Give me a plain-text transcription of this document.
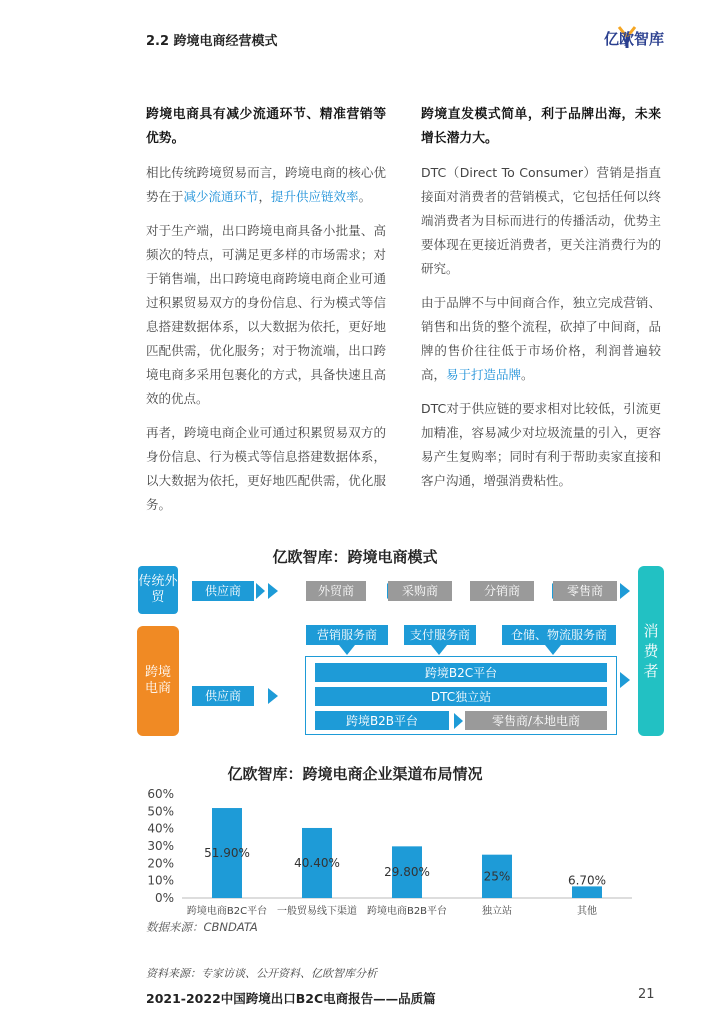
2.2 跨境电商经营模式	亿欧智库

跨境电商具有减少流通环节、精准营销等优势。

相比传统跨境贸易而言，跨境电商的核心优势在于减少流通环节，提升供应链效率。

对于生产端，出口跨境电商具备小批量、高频次的特点，可满足更多样的市场需求；对于销售端，出口跨境电商跨境电商企业可通过积累贸易双方的身份信息、行为模式等信息搭建数据体系，以大数据为依托，更好地匹配供需，优化服务；对于物流端，出口跨境电商多采用包裹化的方式，具备快速且高效的优点。

再者，跨境电商企业可通过积累贸易双方的身份信息、行为模式等信息搭建数据体系，以大数据为依托，更好地匹配供需，优化服务。

跨境直发模式简单，利于品牌出海，未来增长潜力大。

DTC（Direct To Consumer）营销是指直接面对消费者的营销模式，它包括任何以终端消费者为目标而进行的传播活动，优势主要体现在更接近消费者，更关注消费行为的研究。

由于品牌不与中间商合作，独立完成营销、销售和出货的整个流程，砍掉了中间商，品牌的售价往往低于市场价格，利润普遍较高，易于打造品牌。

DTC对于供应链的要求相对比较低，引流更加精准，容易减少对垃圾流量的引入，更容易产生复购率；同时有利于帮助卖家直接和客户沟通，增强消费粘性。

亿欧智库：跨境电商模式
传统外贸	供应商	外贸商	采购商	分销商	零售商
跨境电商	供应商
营销服务商	支付服务商	仓储、物流服务商
跨境B2C平台
DTC独立站
跨境B2B平台	零售商/本地电商
消费者
亿欧智库：跨境电商企业渠道布局情况
60%
50%
40%
30%
20%
10%
0%
51.90%
跨境电商B2C平台
40.40%
一般贸易线下渠道
29.80%
跨境电商B2B平台
25%
独立站
6.70%
其他
数据来源：CBNDATA
资料来源：专家访谈、公开资料、亿欧智库分析
2021-2022中国跨境出口B2C电商报告——品质篇	21
